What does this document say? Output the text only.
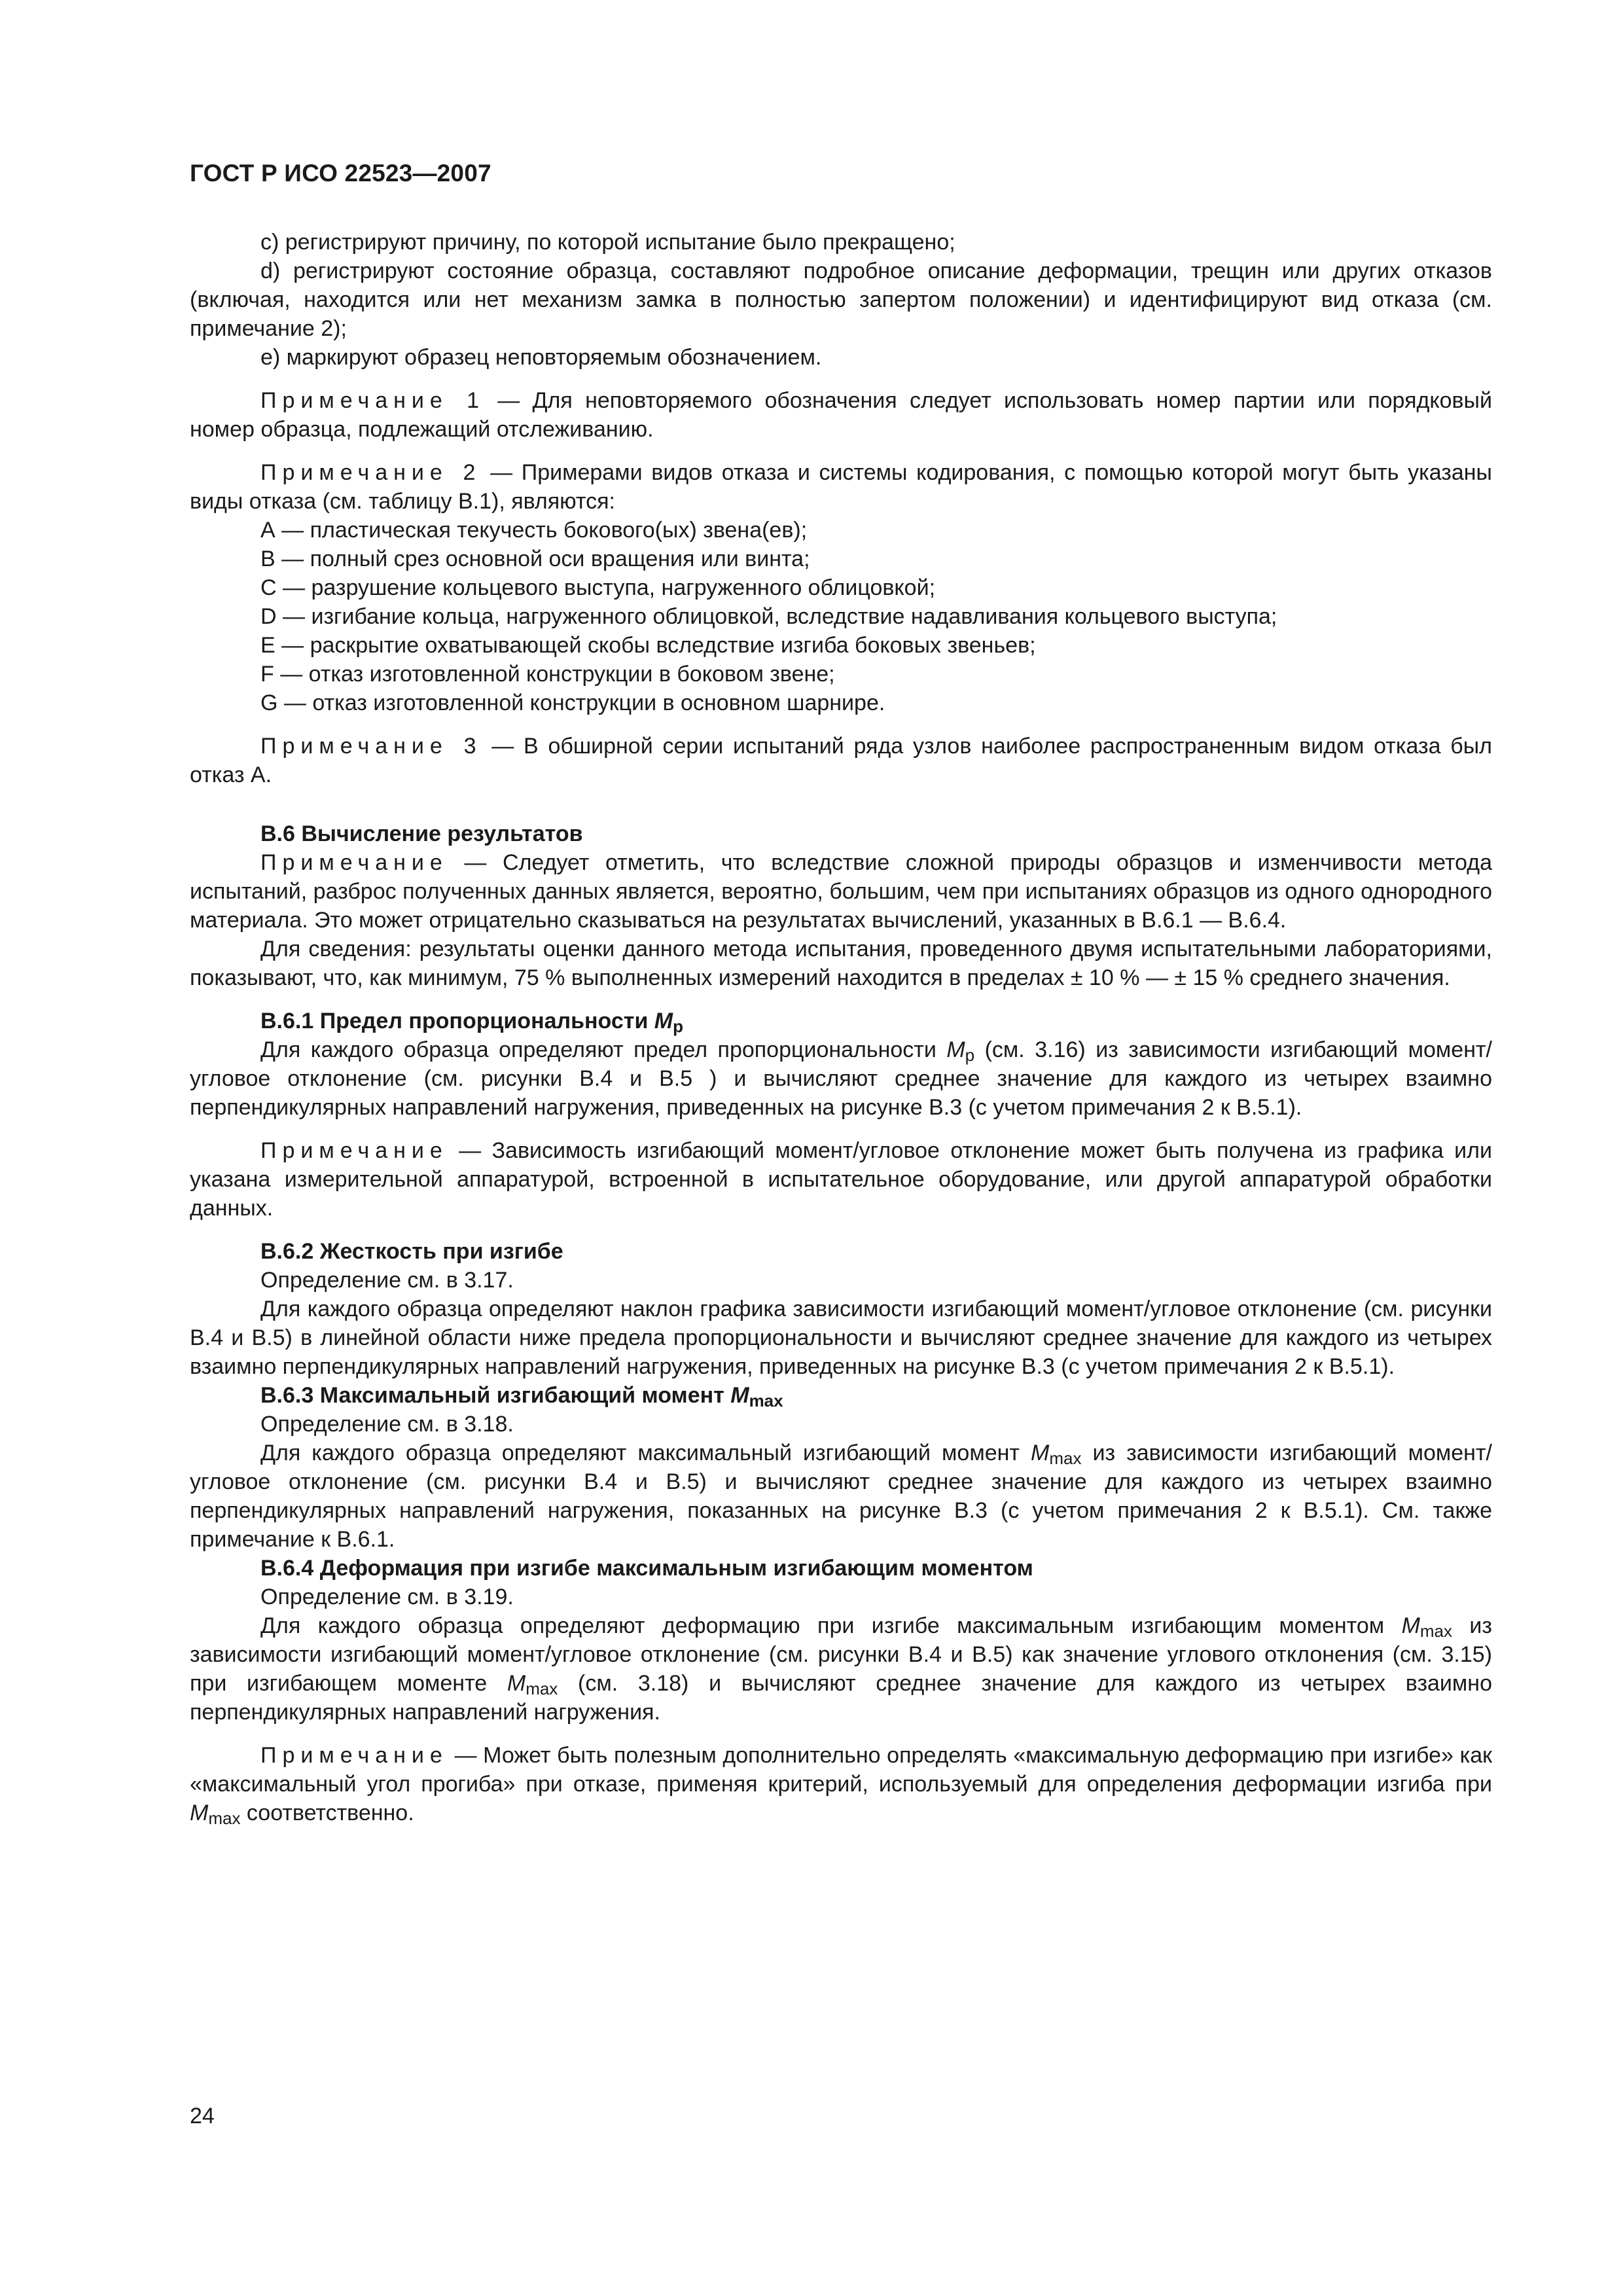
ГОСТ Р ИСО 22523—2007

с) регистрируют причину, по которой испытание было прекращено;

d) регистрируют состояние образца, составляют подробное описание деформации, трещин или других отказов (включая, находится или нет механизм замка в полностью запертом положении) и идентифицируют вид отказа (см. примечание 2);

е) маркируют образец неповторяемым обозначением.

Примечание 1 — Для неповторяемого обозначения следует использовать номер партии или порядковый номер образца, подлежащий отслеживанию.

Примечание 2 — Примерами видов отказа и системы кодирования, с помощью которой могут быть указаны виды отказа (см. таблицу В.1), являются:

А — пластическая текучесть бокового(ых) звена(ев);

В — полный срез основной оси вращения или винта;

С — разрушение кольцевого выступа, нагруженного облицовкой;

D — изгибание кольца, нагруженного облицовкой, вследствие надавливания кольцевого выступа;

Е — раскрытие охватывающей скобы вследствие изгиба боковых звеньев;

F — отказ изготовленной конструкции в боковом звене;

G — отказ изготовленной конструкции в основном шарнире.

Примечание 3 — В обширной серии испытаний ряда узлов наиболее распространенным видом отказа был отказ А.

В.6 Вычисление результатов

Примечание — Следует отметить, что вследствие сложной природы образцов и изменчивости метода испытаний, разброс полученных данных является, вероятно, большим, чем при испытаниях образцов из одного однородного материала. Это может отрицательно сказываться на результатах вычислений, указанных в В.6.1 — В.6.4.

Для сведения: результаты оценки данного метода испытания, проведенного двумя испытательными лабораториями, показывают, что, как минимум, 75 % выполненных измерений находится в пределах ± 10 % — ± 15 % среднего значения.

В.6.1 Предел пропорциональности $M_p$

Для каждого образца определяют предел пропорциональности $M_p$ (см. 3.16) из зависимости изгибающий момент/угловое отклонение (см. рисунки В.4 и В.5 ) и вычисляют среднее значение для каждого из четырех взаимно перпендикулярных направлений нагружения, приведенных на рисунке В.3 (с учетом примечания 2 к В.5.1).

Примечание — Зависимость изгибающий момент/угловое отклонение может быть получена из графика или указана измерительной аппаратурой, встроенной в испытательное оборудование, или другой аппаратурой обработки данных.

В.6.2 Жесткость при изгибе

Определение см. в 3.17.

Для каждого образца определяют наклон графика зависимости изгибающий момент/угловое отклонение (см. рисунки В.4 и В.5) в линейной области ниже предела пропорциональности и вычисляют среднее значение для каждого из четырех взаимно перпендикулярных направлений нагружения, приведенных на рисунке В.3 (с учетом примечания 2 к В.5.1).

В.6.3 Максимальный изгибающий момент $M_{max}$

Определение см. в 3.18.

Для каждого образца определяют максимальный изгибающий момент $M_{max}$ из зависимости изгибающий момент/угловое отклонение (см. рисунки В.4 и В.5) и вычисляют среднее значение для каждого из четырех взаимно перпендикулярных направлений нагружения, показанных на рисунке В.3 (с учетом примечания 2 к В.5.1). См. также примечание к В.6.1.

В.6.4 Деформация при изгибе максимальным изгибающим моментом

Определение см. в 3.19.

Для каждого образца определяют деформацию при изгибе максимальным изгибающим моментом $M_{max}$ из зависимости изгибающий момент/угловое отклонение (см. рисунки В.4 и В.5) как значение углового отклонения (см. 3.15) при изгибающем моменте $M_{max}$ (см. 3.18) и вычисляют среднее значение для каждого из четырех взаимно перпендикулярных направлений нагружения.

Примечание — Может быть полезным дополнительно определять «максимальную деформацию при изгибе» как «максимальный угол прогиба» при отказе, применяя критерий, используемый для определения деформации изгиба при $M_{max}$ соответственно.

24
